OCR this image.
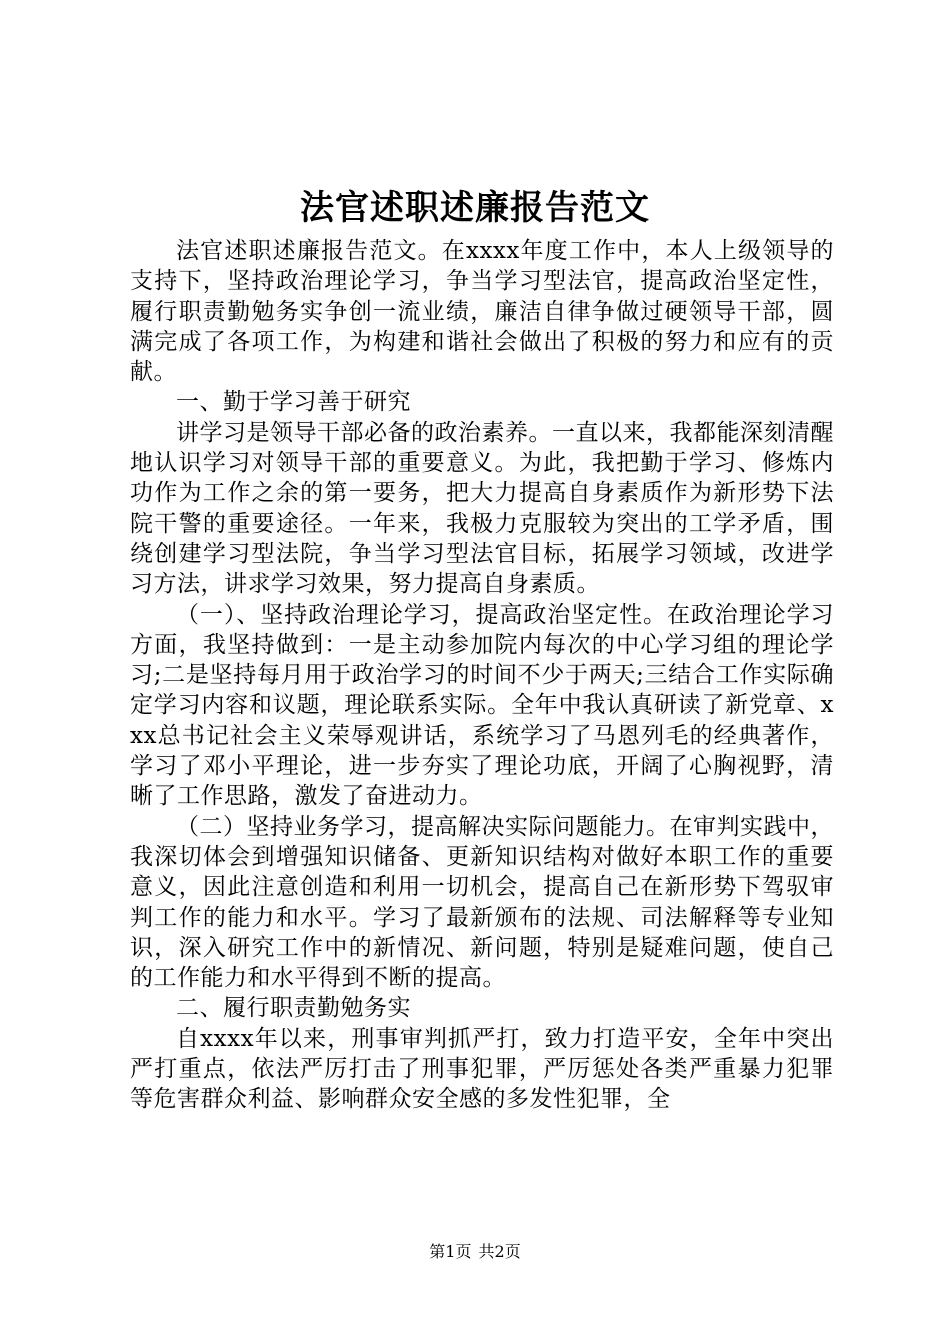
法官述职述廉报告范文

法官述职述廉报告范文。在xxxx年度工作中，本人上级领导的支持下，坚持政治理论学习，争当学习型法官，提高政治坚定性，履行职责勤勉务实争创一流业绩，廉洁自律争做过硬领导干部，圆满完成了各项工作，为构建和谐社会做出了积极的努力和应有的贡献。

一、勤于学习善于研究

讲学习是领导干部必备的政治素养。一直以来，我都能深刻清醒地认识学习对领导干部的重要意义。为此，我把勤于学习、修炼内功作为工作之余的第一要务，把大力提高自身素质作为新形势下法院干警的重要途径。一年来，我极力克服较为突出的工学矛盾，围绕创建学习型法院，争当学习型法官目标，拓展学习领域，改进学习方法，讲求学习效果，努力提高自身素质。

（一）、坚持政治理论学习，提高政治坚定性。在政治理论学习方面，我坚持做到：一是主动参加院内每次的中心学习组的理论学习;二是坚持每月用于政治学习的时间不少于两天;三结合工作实际确定学习内容和议题，理论联系实际。全年中我认真研读了新党章、xxx总书记社会主义荣辱观讲话，系统学习了马恩列毛的经典著作，学习了邓小平理论，进一步夯实了理论功底，开阔了心胸视野，清晰了工作思路，激发了奋进动力。

（二）坚持业务学习，提高解决实际问题能力。在审判实践中，我深切体会到增强知识储备、更新知识结构对做好本职工作的重要意义，因此注意创造和利用一切机会，提高自己在新形势下驾驭审判工作的能力和水平。学习了最新颁布的法规、司法解释等专业知识，深入研究工作中的新情况、新问题，特别是疑难问题，使自己的工作能力和水平得到不断的提高。

二、履行职责勤勉务实

自xxxx年以来，刑事审判抓严打，致力打造平安，全年中突出严打重点，依法严厉打击了刑事犯罪，严厉惩处各类严重暴力犯罪等危害群众利益、影响群众安全感的多发性犯罪，全

第1页 共2页
